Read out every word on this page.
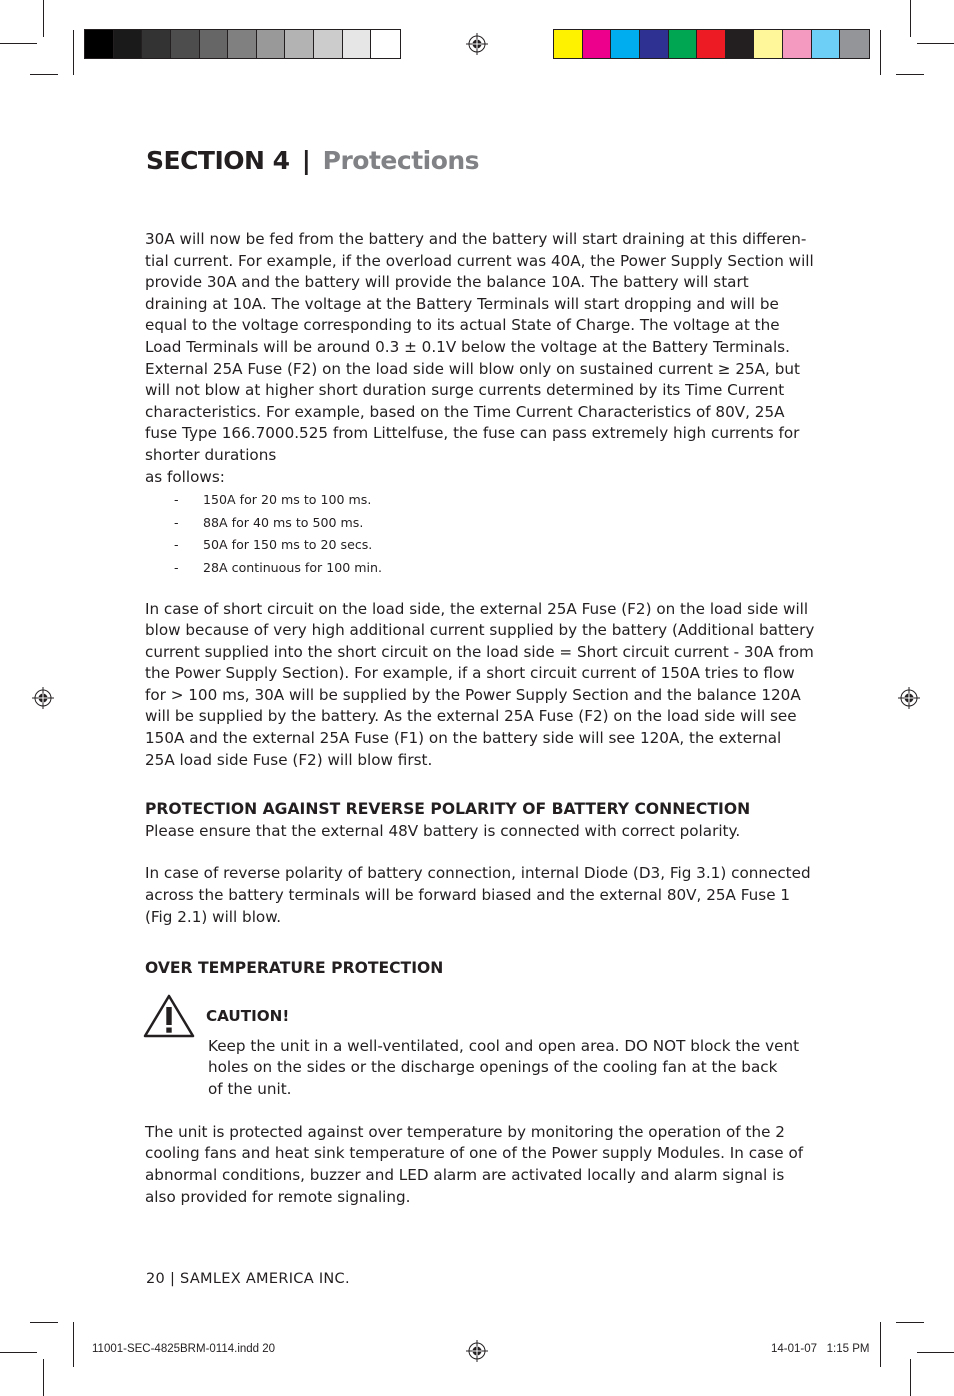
SECTION 4 | Protections

30A will now be fed from the battery and the battery will start draining at this differen-tial current. For example, if the overload current was 40A, the Power Supply Section will provide 30A and the battery will provide the balance 10A. The battery will start draining at 10A. The voltage at the Battery Terminals will start dropping and will be equal to the voltage corresponding to its actual State of Charge. The voltage at the Load Terminals will be around 0.3 ± 0.1V below the voltage at the Battery Terminals. External 25A Fuse (F2) on the load side will blow only on sustained current ≥ 25A, but will not blow at higher short duration surge currents determined by its Time Current characteristics. For example, based on the Time Current Characteristics of 80V, 25A fuse Type 166.7000.525 from Littelfuse, the fuse can pass extremely high currents for shorter durations

as follows:

- 150A for 20 ms to 100 ms.
- 88A for 40 ms to 500 ms.
- 50A for 150 ms to 20 secs.
- 28A continuous for 100 min.

In case of short circuit on the load side, the external 25A Fuse (F2) on the load side will blow because of very high additional current supplied by the battery (Additional battery current supplied into the short circuit on the load side = Short circuit current - 30A from the Power Supply Section). For example, if a short circuit current of 150A tries to flow for > 100 ms, 30A will be supplied by the Power Supply Section and the balance 120A will be supplied by the battery. As the external 25A Fuse (F2) on the load side will see 150A and the external 25A Fuse (F1) on the battery side will see 120A, the external 25A load side Fuse (F2) will blow first.

PROTECTION AGAINST REVERSE POLARITY OF BATTERY CONNECTION

Please ensure that the external 48V battery is connected with correct polarity.

In case of reverse polarity of battery connection, internal Diode (D3, Fig 3.1) connected across the battery terminals will be forward biased and the external 80V, 25A Fuse 1

(Fig 2.1) will blow.

OVER TEMPERATURE PROTECTION

CAUTION!

Keep the unit in a well-ventilated, cool and open area. DO NOT block the vent holes on the sides or the discharge openings of the cooling fan at the back

of the unit.

The unit is protected against over temperature by monitoring the operation of the 2 cooling fans and heat sink temperature of one of the Power supply Modules. In case of abnormal conditions, buzzer and LED alarm are activated locally and alarm signal is also provided for remote signaling.

20 | SAMLEX AMERICA INC.
11001-SEC-4825BRM-0114.indd 20	14-01-07   1:15 PM
